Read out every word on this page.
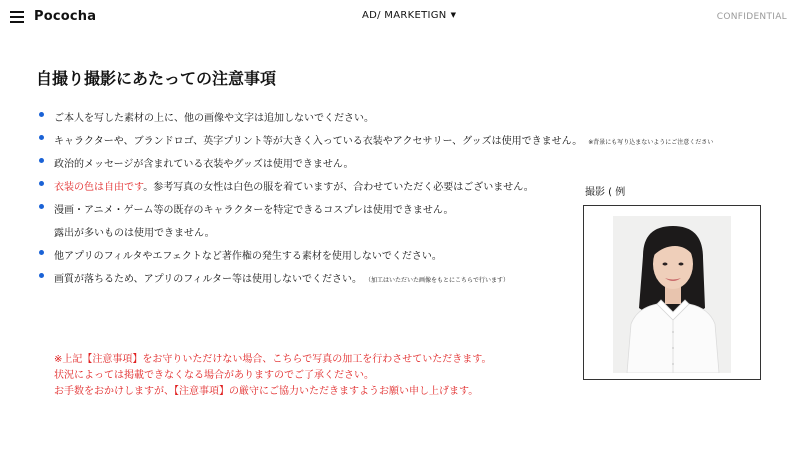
Pococha	AD/ MARKETIGN ▼	CONFIDENTIAL
自撮り撮影にあたっての注意事項
ご本人を写した素材の上に、他の画像や文字は追加しないでください。
キャラクターや、ブランドロゴ、英字プリント等が大きく入っている衣装やアクセサリー、グッズは使用できません。 ※背景にも写り込まないようにご注意ください
政治的メッセージが含まれている衣装やグッズは使用できません。
衣装の色は自由です。参考写真の女性は白色の服を着ていますが、合わせていただく必要はございません。
漫画・アニメ・ゲーム等の既存のキャラクターを特定できるコスプレは使用できません。
露出が多いものは使用できません。
他アプリのフィルタやエフェクトなど著作権の発生する素材を使用しないでください。
画質が落ちるため、アプリのフィルター等は使用しないでください。 （加工はいただいた画像をもとにこちらで行います）
※上記【注意事項】をお守りいただけない場合、こちらで写真の加工を行わさせていただきます。
状況によっては掲載できなくなる場合がありますのでご了承ください。
お手数をおかけしますが、【注意事項】の厳守にご協力いただきますようお願い申し上げます。
撮影 ( 例
